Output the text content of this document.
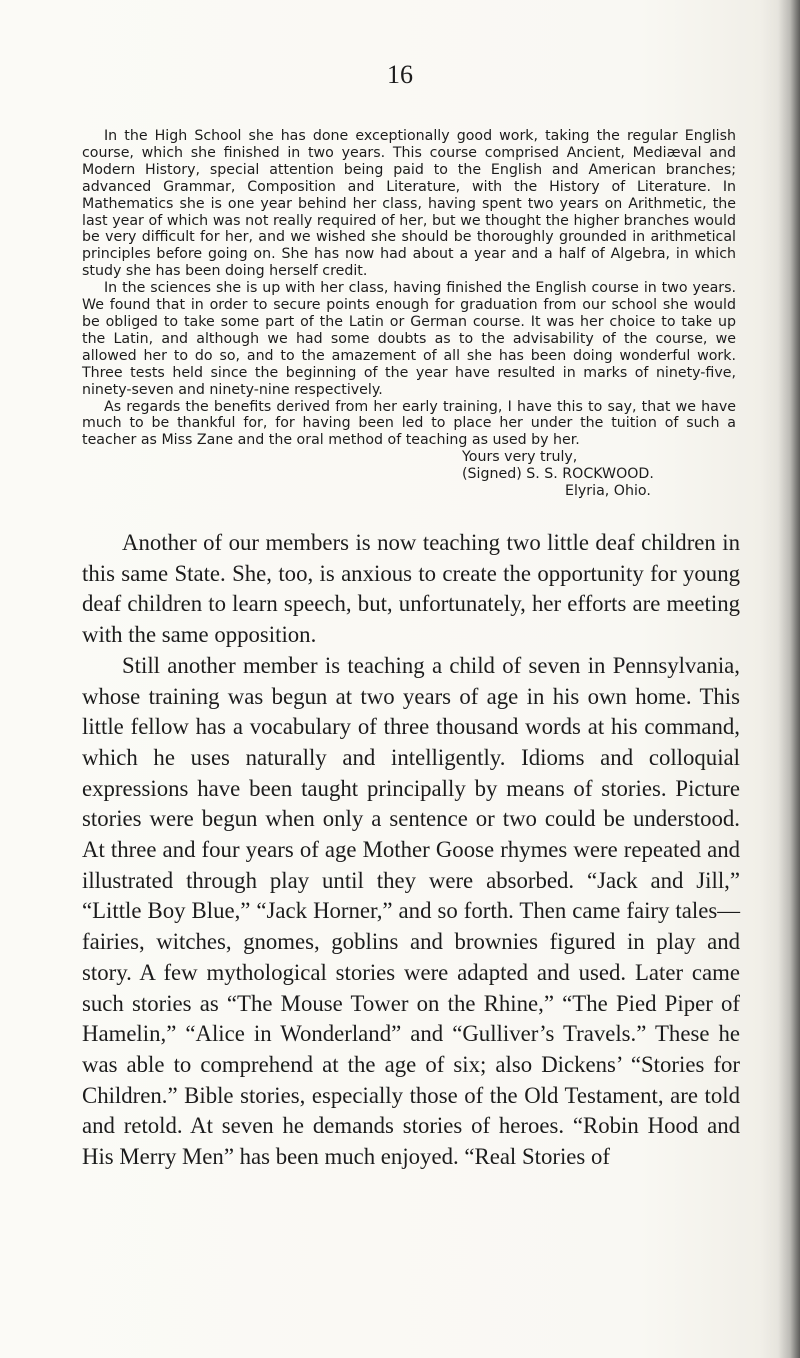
16

In the High School she has done exceptionally good work, taking the regular English course, which she finished in two years. This course comprised Ancient, Mediæval and Modern History, special attention being paid to the English and American branches; advanced Grammar, Composition and Literature, with the History of Literature. In Mathematics she is one year behind her class, having spent two years on Arithmetic, the last year of which was not really required of her, but we thought the higher branches would be very difficult for her, and we wished she should be thoroughly grounded in arithmetical principles before going on. She has now had about a year and a half of Algebra, in which study she has been doing herself credit.

In the sciences she is up with her class, having finished the English course in two years. We found that in order to secure points enough for graduation from our school she would be obliged to take some part of the Latin or German course. It was her choice to take up the Latin, and although we had some doubts as to the advisability of the course, we allowed her to do so, and to the amazement of all she has been doing wonderful work. Three tests held since the beginning of the year have resulted in marks of ninety-five, ninety-seven and ninety-nine respectively.

As regards the benefits derived from her early training, I have this to say, that we have much to be thankful for, for having been led to place her under the tuition of such a teacher as Miss Zane and the oral method of teaching as used by her.

Yours very truly,
(Signed) S. S. ROCKWOOD.
Elyria, Ohio.

Another of our members is now teaching two little deaf children in this same State. She, too, is anxious to create the opportunity for young deaf children to learn speech, but, unfortunately, her efforts are meeting with the same opposition.

Still another member is teaching a child of seven in Pennsylvania, whose training was begun at two years of age in his own home. This little fellow has a vocabulary of three thousand words at his command, which he uses naturally and intelligently. Idioms and colloquial expressions have been taught principally by means of stories. Picture stories were begun when only a sentence or two could be understood. At three and four years of age Mother Goose rhymes were repeated and illustrated through play until they were absorbed. “Jack and Jill,” “Little Boy Blue,” “Jack Horner,” and so forth. Then came fairy tales—fairies, witches, gnomes, goblins and brownies figured in play and story. A few mythological stories were adapted and used. Later came such stories as “The Mouse Tower on the Rhine,” “The Pied Piper of Hamelin,” “Alice in Wonderland” and “Gulliver’s Travels.” These he was able to comprehend at the age of six; also Dickens’ “Stories for Children.” Bible stories, especially those of the Old Testament, are told and retold. At seven he demands stories of heroes. “Robin Hood and His Merry Men” has been much enjoyed. “Real Stories of
